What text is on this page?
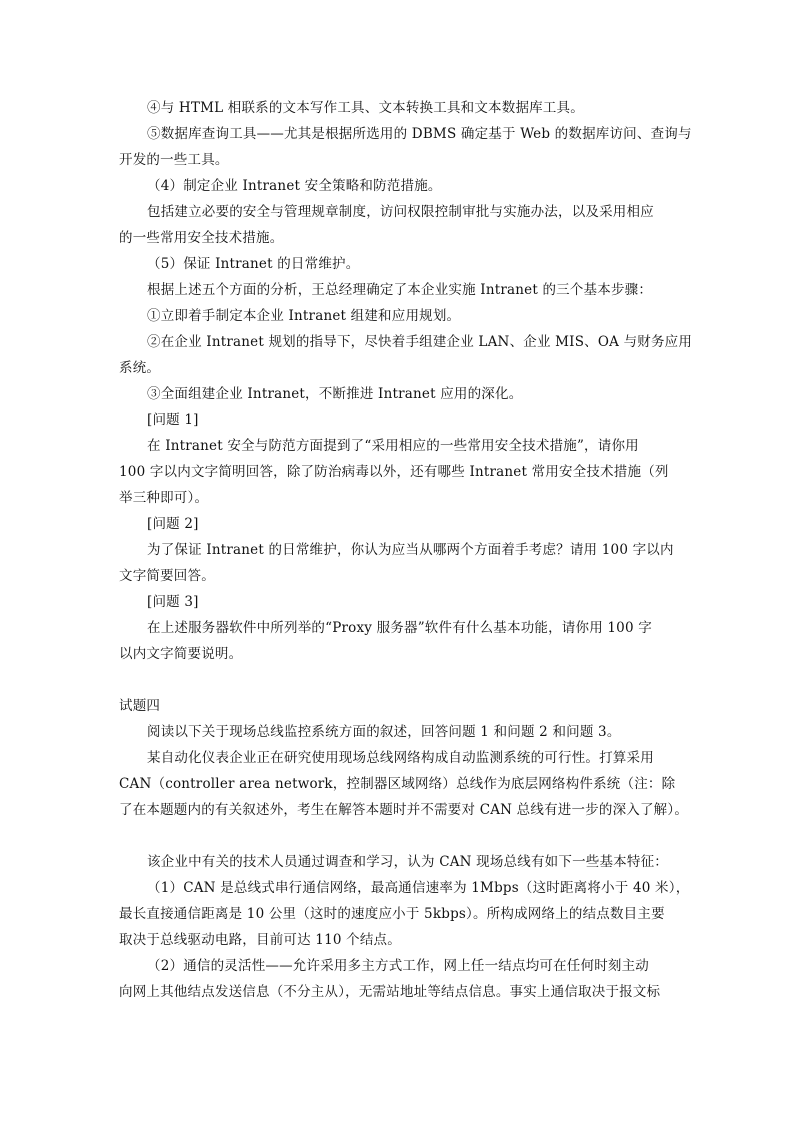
④与 HTML 相联系的文本写作工具、文本转换工具和文本数据库工具。
⑤数据库查询工具——尤其是根据所选用的 DBMS 确定基于 Web 的数据库访问、查询与
开发的一些工具。
（4）制定企业 Intranet 安全策略和防范措施。
包括建立必要的安全与管理规章制度，访问权限控制审批与实施办法，以及采用相应
的一些常用安全技术措施。
（5）保证 Intranet 的日常维护。
根据上述五个方面的分析，王总经理确定了本企业实施 Intranet 的三个基本步骤：
①立即着手制定本企业 Intranet 组建和应用规划。
②在企业 Intranet 规划的指导下，尽快着手组建企业 LAN、企业 MIS、OA 与财务应用
系统。
③全面组建企业 Intranet，不断推进 Intranet 应用的深化。
[问题 1]
在 Intranet 安全与防范方面提到了“采用相应的一些常用安全技术措施”，请你用
100 字以内文字简明回答，除了防治病毒以外，还有哪些 Intranet 常用安全技术措施（列
举三种即可）。
[问题 2]
为了保证 Intranet 的日常维护，你认为应当从哪两个方面着手考虑？请用 100 字以内
文字简要回答。
[问题 3]
在上述服务器软件中所列举的“Proxy 服务器”软件有什么基本功能，请你用 100 字
以内文字简要说明。
试题四
阅读以下关于现场总线监控系统方面的叙述，回答问题 1 和问题 2 和问题 3。
某自动化仪表企业正在研究使用现场总线网络构成自动监测系统的可行性。打算采用
CAN（controller area network，控制器区域网络）总线作为底层网络构件系统（注：除
了在本题题内的有关叙述外，考生在解答本题时并不需要对 CAN 总线有进一步的深入了解）。
该企业中有关的技术人员通过调查和学习，认为 CAN 现场总线有如下一些基本特征：
（1）CAN 是总线式串行通信网络，最高通信速率为 1Mbps（这时距离将小于 40 米），
最长直接通信距离是 10 公里（这时的速度应小于 5kbps）。所构成网络上的结点数目主要
取决于总线驱动电路，目前可达 110 个结点。
（2）通信的灵活性——允许采用多主方式工作，网上任一结点均可在任何时刻主动
向网上其他结点发送信息（不分主从），无需站地址等结点信息。事实上通信取决于报文标
